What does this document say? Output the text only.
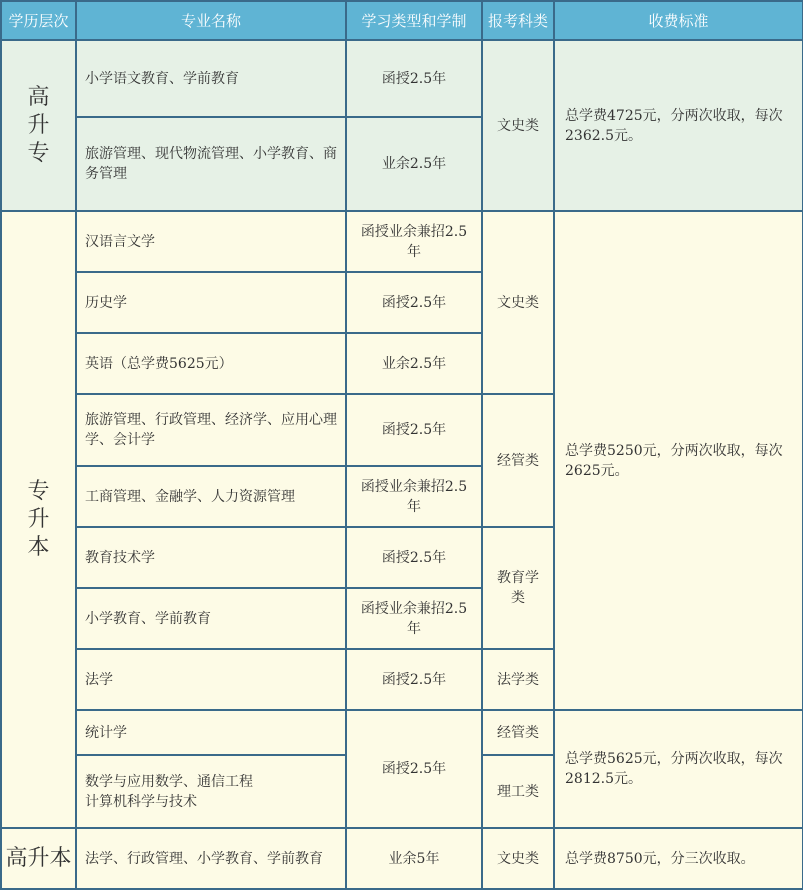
学历层次	专业名称	学习类型和学制	报考科类	收费标准

高升专	小学语文教育、学前教育	函授2.5年	文史类	总学费4725元，分两次收取，每次2362.5元。
	旅游管理、现代物流管理、小学教育、商务管理	业余2.5年		

专升本	汉语言文学	函授业余兼招2.5年	文史类	总学费5250元，分两次收取，每次2625元。
	历史学	函授2.5年		
	英语（总学费5625元）	业余2.5年		
	旅游管理、行政管理、经济学、应用心理学、会计学	函授2.5年	经管类	
	工商管理、金融学、人力资源管理	函授业余兼招2.5年		
	教育技术学	函授2.5年	教育学类	
	小学教育、学前教育	函授业余兼招2.5年		
	法学	函授2.5年	法学类	
	统计学	函授2.5年	经管类	总学费5625元，分两次收取，每次2812.5元。
	数学与应用数学、通信工程
计算机科学与技术		理工类	
高升本	法学、行政管理、小学教育、学前教育	业余5年	文史类	总学费8750元，分三次收取。
